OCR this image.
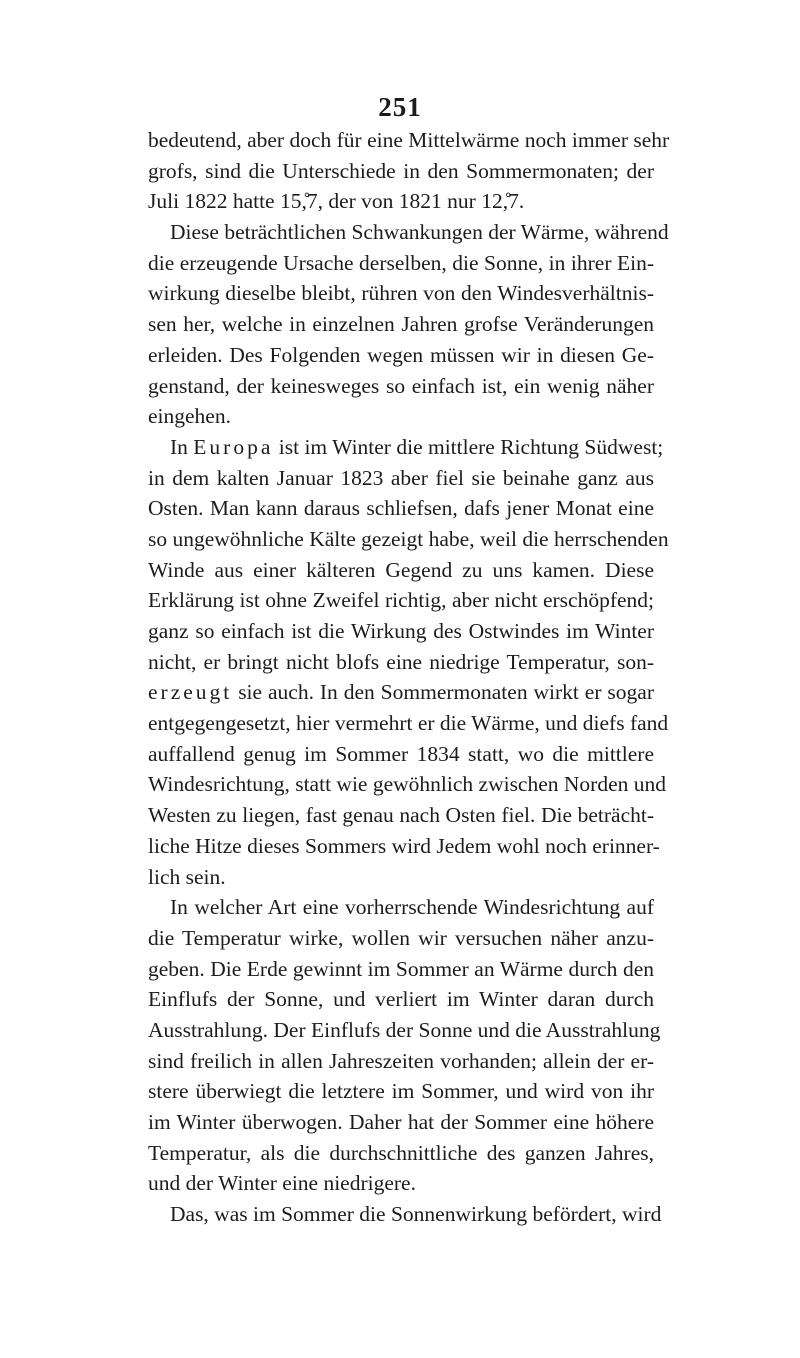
251
bedeutend, aber doch für eine Mittelwärme noch immer sehr
grofs, sind die Unterschiede in den Sommermonaten; der
Juli 1822 hatte 15,̊7, der von 1821 nur 12,̊7.
Diese beträchtlichen Schwankungen der Wärme, während
die erzeugende Ursache derselben, die Sonne, in ihrer Ein-
wirkung dieselbe bleibt, rühren von den Windesverhältnis-
sen her, welche in einzelnen Jahren grofse Veränderungen
erleiden. Des Folgenden wegen müssen wir in diesen Ge-
genstand, der keinesweges so einfach ist, ein wenig näher
eingehen.
In Europa ist im Winter die mittlere Richtung Südwest;
in dem kalten Januar 1823 aber fiel sie beinahe ganz aus
Osten. Man kann daraus schliefsen, dafs jener Monat eine
so ungewöhnliche Kälte gezeigt habe, weil die herrschenden
Winde aus einer kälteren Gegend zu uns kamen. Diese
Erklärung ist ohne Zweifel richtig, aber nicht erschöpfend;
ganz so einfach ist die Wirkung des Ostwindes im Winter
nicht, er bringt nicht blofs eine niedrige Temperatur, son-
erzeugt sie auch. In den Sommermonaten wirkt er sogar
entgegengesetzt, hier vermehrt er die Wärme, und diefs fand
auffallend genug im Sommer 1834 statt, wo die mittlere
Windesrichtung, statt wie gewöhnlich zwischen Norden und
Westen zu liegen, fast genau nach Osten fiel. Die beträcht-
liche Hitze dieses Sommers wird Jedem wohl noch erinner-
lich sein.
In welcher Art eine vorherrschende Windesrichtung auf
die Temperatur wirke, wollen wir versuchen näher anzu-
geben. Die Erde gewinnt im Sommer an Wärme durch den
Einflufs der Sonne, und verliert im Winter daran durch
Ausstrahlung. Der Einflufs der Sonne und die Ausstrahlung
sind freilich in allen Jahreszeiten vorhanden; allein der er-
stere überwiegt die letztere im Sommer, und wird von ihr
im Winter überwogen. Daher hat der Sommer eine höhere
Temperatur, als die durchschnittliche des ganzen Jahres,
und der Winter eine niedrigere.
Das, was im Sommer die Sonnenwirkung befördert, wird
